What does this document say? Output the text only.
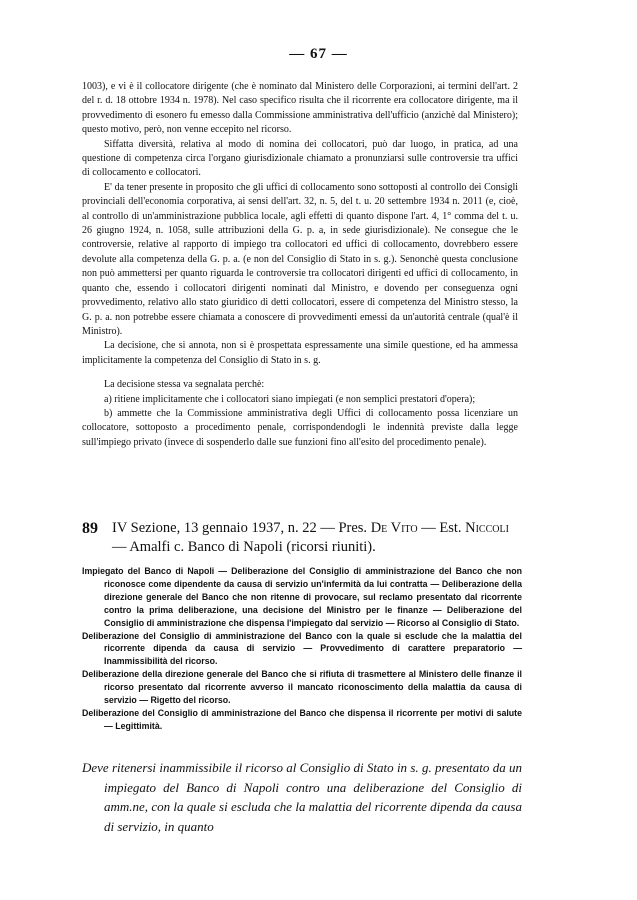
— 67 —

1003), e vi è il collocatore dirigente (che è nominato dal Ministero delle Corporazioni, ai termini dell'art. 2 del r. d. 18 ottobre 1934 n. 1978). Nel caso specifico risulta che il ricorrente era collocatore dirigente, ma il provvedimento di esonero fu emesso dalla Commissione amministrativa dell'ufficio (anzichè dal Ministero); questo motivo, però, non venne eccepito nel ricorso.

Siffatta diversità, relativa al modo di nomina dei collocatori, può dar luogo, in pratica, ad una questione di competenza circa l'organo giurisdizionale chiamato a pronunziarsi sulle controversie tra uffici di collocamento e collocatori.

E' da tener presente in proposito che gli uffici di collocamento sono sottoposti al controllo dei Consigli provinciali dell'economia corporativa, ai sensi dell'art. 32, n. 5, del t. u. 20 settembre 1934 n. 2011 (e, cioè, al controllo di un'amministrazione pubblica locale, agli effetti di quanto dispone l'art. 4, 1° comma del t. u. 26 giugno 1924, n. 1058, sulle attribuzioni della G. p. a, in sede giurisdizionale). Ne consegue che le controversie, relative al rapporto di impiego tra collocatori ed uffici di collocamento, dovrebbero essere devolute alla competenza della G. p. a. (e non del Consiglio di Stato in s. g.). Senonchè questa conclusione non può ammettersi per quanto riguarda le controversie tra collocatori dirigenti ed uffici di collocamento, in quanto che, essendo i collocatori dirigenti nominati dal Ministro, e dovendo per conseguenza ogni provvedimento, relativo allo stato giuridico di detti collocatori, essere di competenza del Ministro stesso, la G. p. a. non potrebbe essere chiamata a conoscere di provvedimenti emessi da un'autorità centrale (qual'è il Ministro).

La decisione, che si annota, non si è prospettata espressamente una simile questione, ed ha ammessa implicitamente la competenza del Consiglio di Stato in s. g.

La decisione stessa va segnalata perchè:

a) ritiene implicitamente che i collocatori siano impiegati (e non semplici prestatori d'opera);

b) ammette che la Commissione amministrativa degli Uffici di collocamento possa licenziare un collocatore, sottoposto a procedimento penale, corrispondendogli le indennità previste dalla legge sull'impiego privato (invece di sospenderlo dalle sue funzioni fino all'esito del procedimento penale).

89 IV Sezione, 13 gennaio 1937, n. 22 — Pres. De Vito — Est. Niccoli — Amalfi c. Banco di Napoli (ricorsi riuniti).

Impiegato del Banco di Napoli — Deliberazione del Consiglio di amministrazione del Banco che non riconosce come dipendente da causa di servizio un'infermità da lui contratta — Deliberazione della direzione generale del Banco che non ritenne di provocare, sul reclamo presentato dal ricorrente contro la prima deliberazione, una decisione del Ministro per le finanze — Deliberazione del Consiglio di amministrazione che dispensa l'impiegato dal servizio — Ricorso al Consiglio di Stato.

Deliberazione del Consiglio di amministrazione del Banco con la quale si esclude che la malattia del ricorrente dipenda da causa di servizio — Provvedimento di carattere preparatorio — Inammissibilità del ricorso.

Deliberazione della direzione generale del Banco che si rifiuta di trasmettere al Ministero delle finanze il ricorso presentato dal ricorrente avverso il mancato riconoscimento della malattia da causa di servizio — Rigetto del ricorso.

Deliberazione del Consiglio di amministrazione del Banco che dispensa il ricorrente per motivi di salute — Legittimità.

Deve ritenersi inammissibile il ricorso al Consiglio di Stato in s. g. presentato da un impiegato del Banco di Napoli contro una deliberazione del Consiglio di amm.ne, con la quale si escluda che la malattia del ricorrente dipenda da causa di servizio, in quanto
